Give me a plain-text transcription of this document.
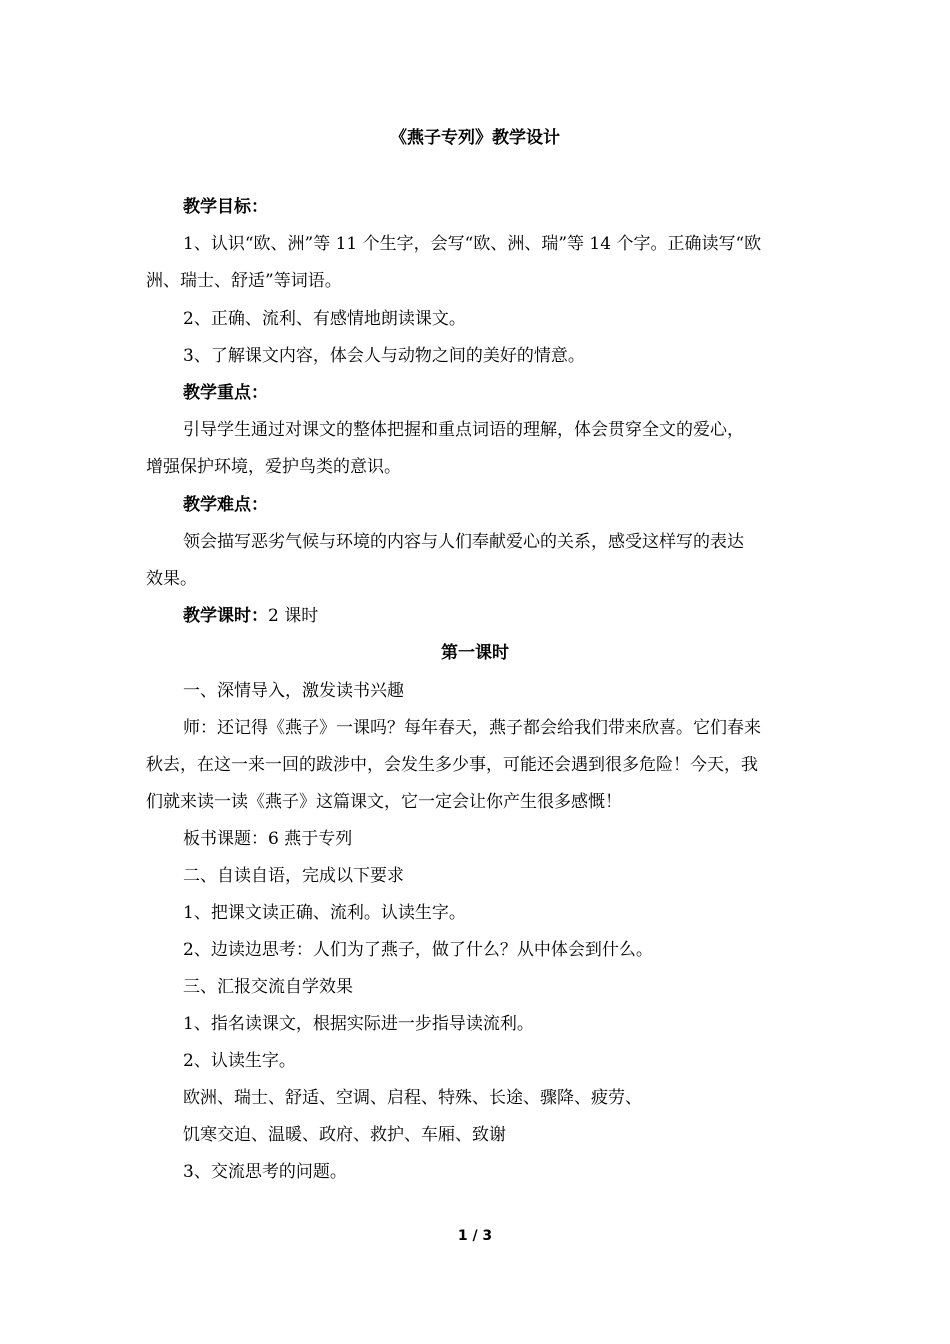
《燕子专列》教学设计
教学目标：
1、认识“欧、洲”等 11 个生字，会写“欧、洲、瑞”等 14 个字。正确读写“欧
洲、瑞士、舒适”等词语。
2、正确、流利、有感情地朗读课文。
3、了解课文内容，体会人与动物之间的美好的情意。
教学重点：
引导学生通过对课文的整体把握和重点词语的理解，体会贯穿全文的爱心，
增强保护环境，爱护鸟类的意识。
教学难点：
领会描写恶劣气候与环境的内容与人们奉献爱心的关系，感受这样写的表达
效果。
教学课时：2 课时
第一课时
一、深情导入，激发读书兴趣
师：还记得《燕子》一课吗？每年春天，燕子都会给我们带来欣喜。它们春来
秋去，在这一来一回的跋涉中，会发生多少事，可能还会遇到很多危险！今天，我
们就来读一读《燕子》这篇课文，它一定会让你产生很多感慨！
板书课题：6 燕于专列
二、自读自语，完成以下要求
1、把课文读正确、流利。认读生字。
2、边读边思考：人们为了燕子，做了什么？从中体会到什么。
三、汇报交流自学效果
1、指名读课文，根据实际进一步指导读流利。
2、认读生字。
欧洲、瑞士、舒适、空调、启程、特殊、长途、骤降、疲劳、
饥寒交迫、温暖、政府、救护、车厢、致谢
3、交流思考的问题。
1 / 3
